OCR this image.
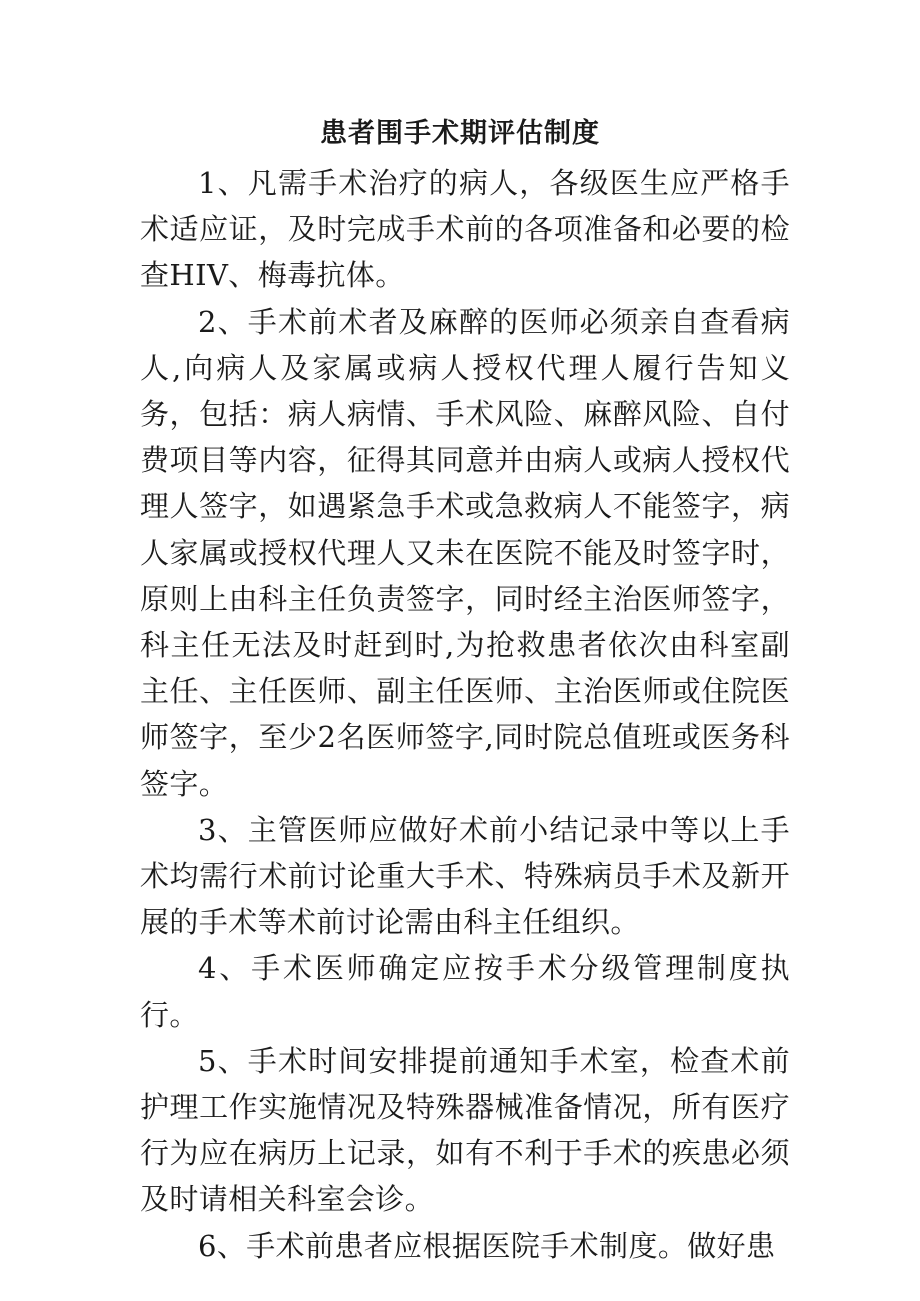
患者围手术期评估制度

1、凡需手术治疗的病人，各级医生应严格手术适应证，及时完成手术前的各项准备和必要的检查HIV、梅毒抗体。

2、手术前术者及麻醉的医师必须亲自查看病人,向病人及家属或病人授权代理人履行告知义务，包括：病人病情、手术风险、麻醉风险、自付费项目等内容，征得其同意并由病人或病人授权代理人签字，如遇紧急手术或急救病人不能签字，病人家属或授权代理人又未在医院不能及时签字时，原则上由科主任负责签字，同时经主治医师签字，科主任无法及时赶到时,为抢救患者依次由科室副主任、主任医师、副主任医师、主治医师或住院医师签字，至少2名医师签字,同时院总值班或医务科签字。

3、主管医师应做好术前小结记录中等以上手术均需行术前讨论重大手术、特殊病员手术及新开展的手术等术前讨论需由科主任组织。

4、手术医师确定应按手术分级管理制度执行。

5、手术时间安排提前通知手术室，检查术前护理工作实施情况及特殊器械准备情况，所有医疗行为应在病历上记录，如有不利于手术的疾患必须及时请相关科室会诊。

6、手术前患者应根据医院手术制度。做好患
